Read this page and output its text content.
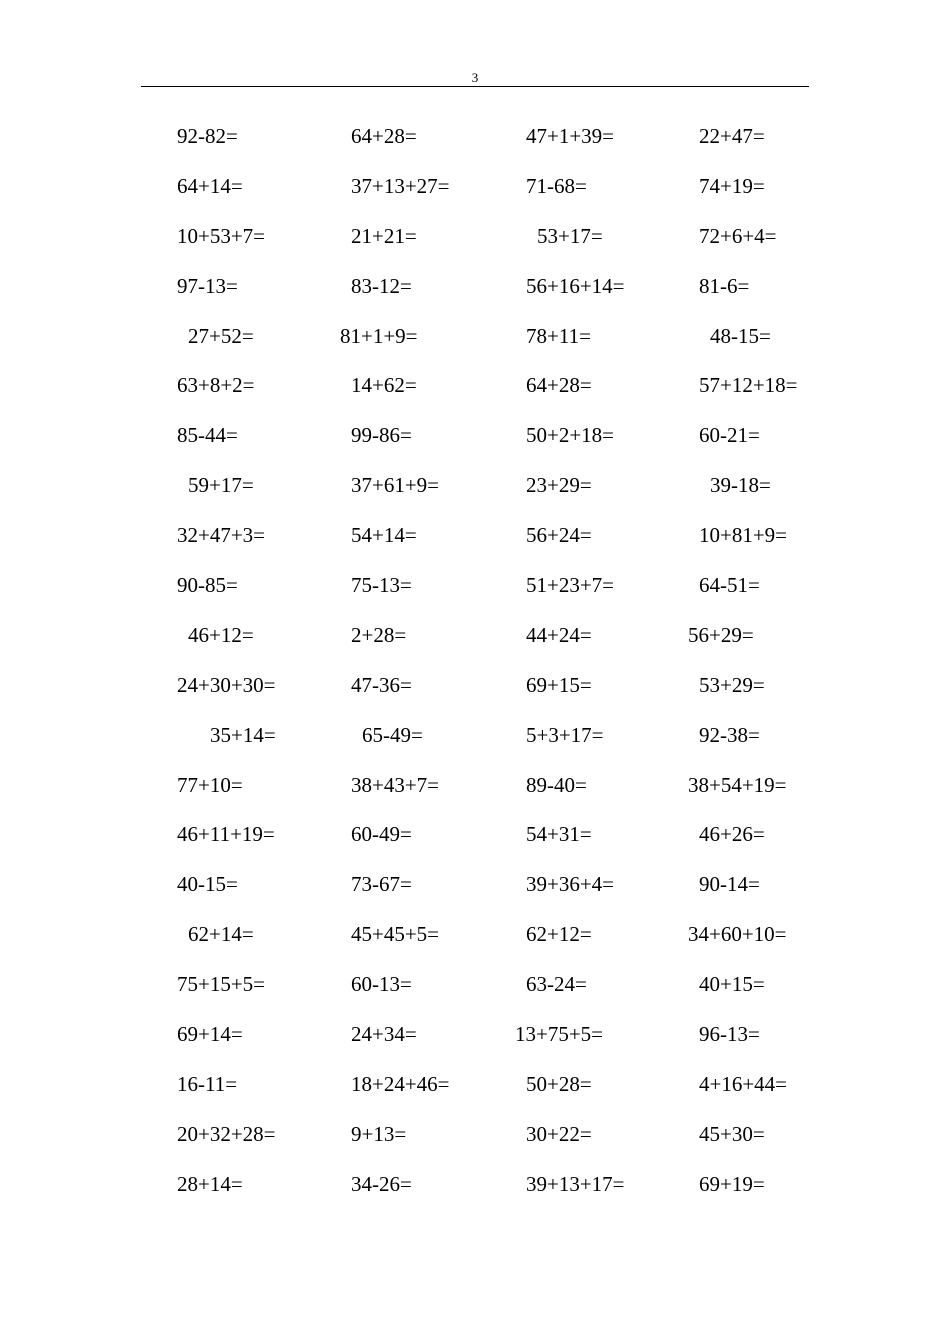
3
92-82=	64+28=	47+1+39=	22+47=
64+14=	37+13+27=	71-68=	74+19=
10+53+7=	21+21=	53+17=	72+6+4=
97-13=	83-12=	56+16+14=	81-6=
27+52=	81+1+9=	78+11=	48-15=
63+8+2=	14+62=	64+28=	57+12+18=
85-44=	99-86=	50+2+18=	60-21=
59+17=	37+61+9=	23+29=	39-18=
32+47+3=	54+14=	56+24=	10+81+9=
90-85=	75-13=	51+23+7=	64-51=
46+12=	2+28=	44+24=	56+29=
24+30+30=	47-36=	69+15=	53+29=
35+14=	65-49=	5+3+17=	92-38=
77+10=	38+43+7=	89-40=	38+54+19=
46+11+19=	60-49=	54+31=	46+26=
40-15=	73-67=	39+36+4=	90-14=
62+14=	45+45+5=	62+12=	34+60+10=
75+15+5=	60-13=	63-24=	40+15=
69+14=	24+34=	13+75+5=	96-13=
16-11=	18+24+46=	50+28=	4+16+44=
20+32+28=	9+13=	30+22=	45+30=
28+14=	34-26=	39+13+17=	69+19=
